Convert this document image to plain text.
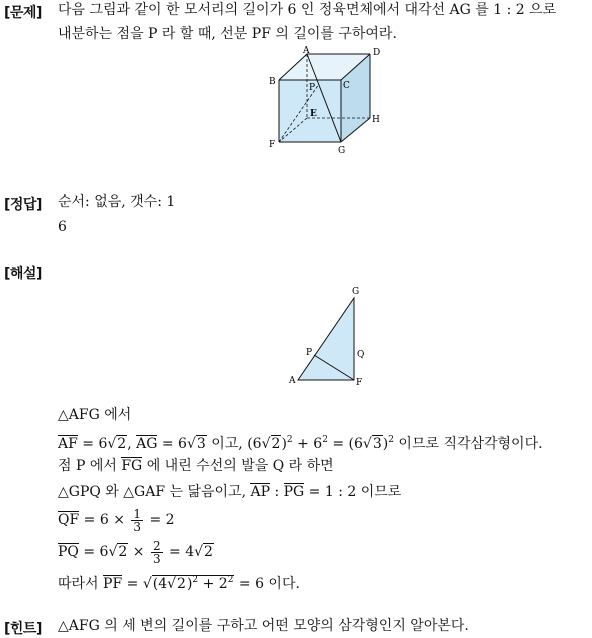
[문제] 다음 그림과 같이 한 모서리의 길이가 6 인 정육면체에서 대각선 AG 를 1 : 2 으로
내분하는 점을 P 라 할 때, 선분 PF 의 길이를 구하여라.
A	D
B	C
P
E
H
F
G
[정답] 순서: 없음, 갯수: 1
6
[해설]
G
P	Q
A	F
△AFG 에서
AF = 6√2, AG = 6√3 이고, $(6√2)^2 + 6^2 = (6√3)^2$ 이므로 직각삼각형이다.
점 P 에서 FG 에 내린 수선의 발을 Q 라 하면
△GPQ 와 △GAF 는 닮음이고, AP : PG = 1 : 2 이므로
QF = $6 \times \frac{1}{3} = 2$
PQ = $6√2 \times \frac{2}{3} = 4√2$
따라서 PF = $√(4√2)^2 + 2^2 = 6$ 이다.
[힌트] △AFG 의 세 변의 길이를 구하고 어떤 모양의 삼각형인지 알아본다.
